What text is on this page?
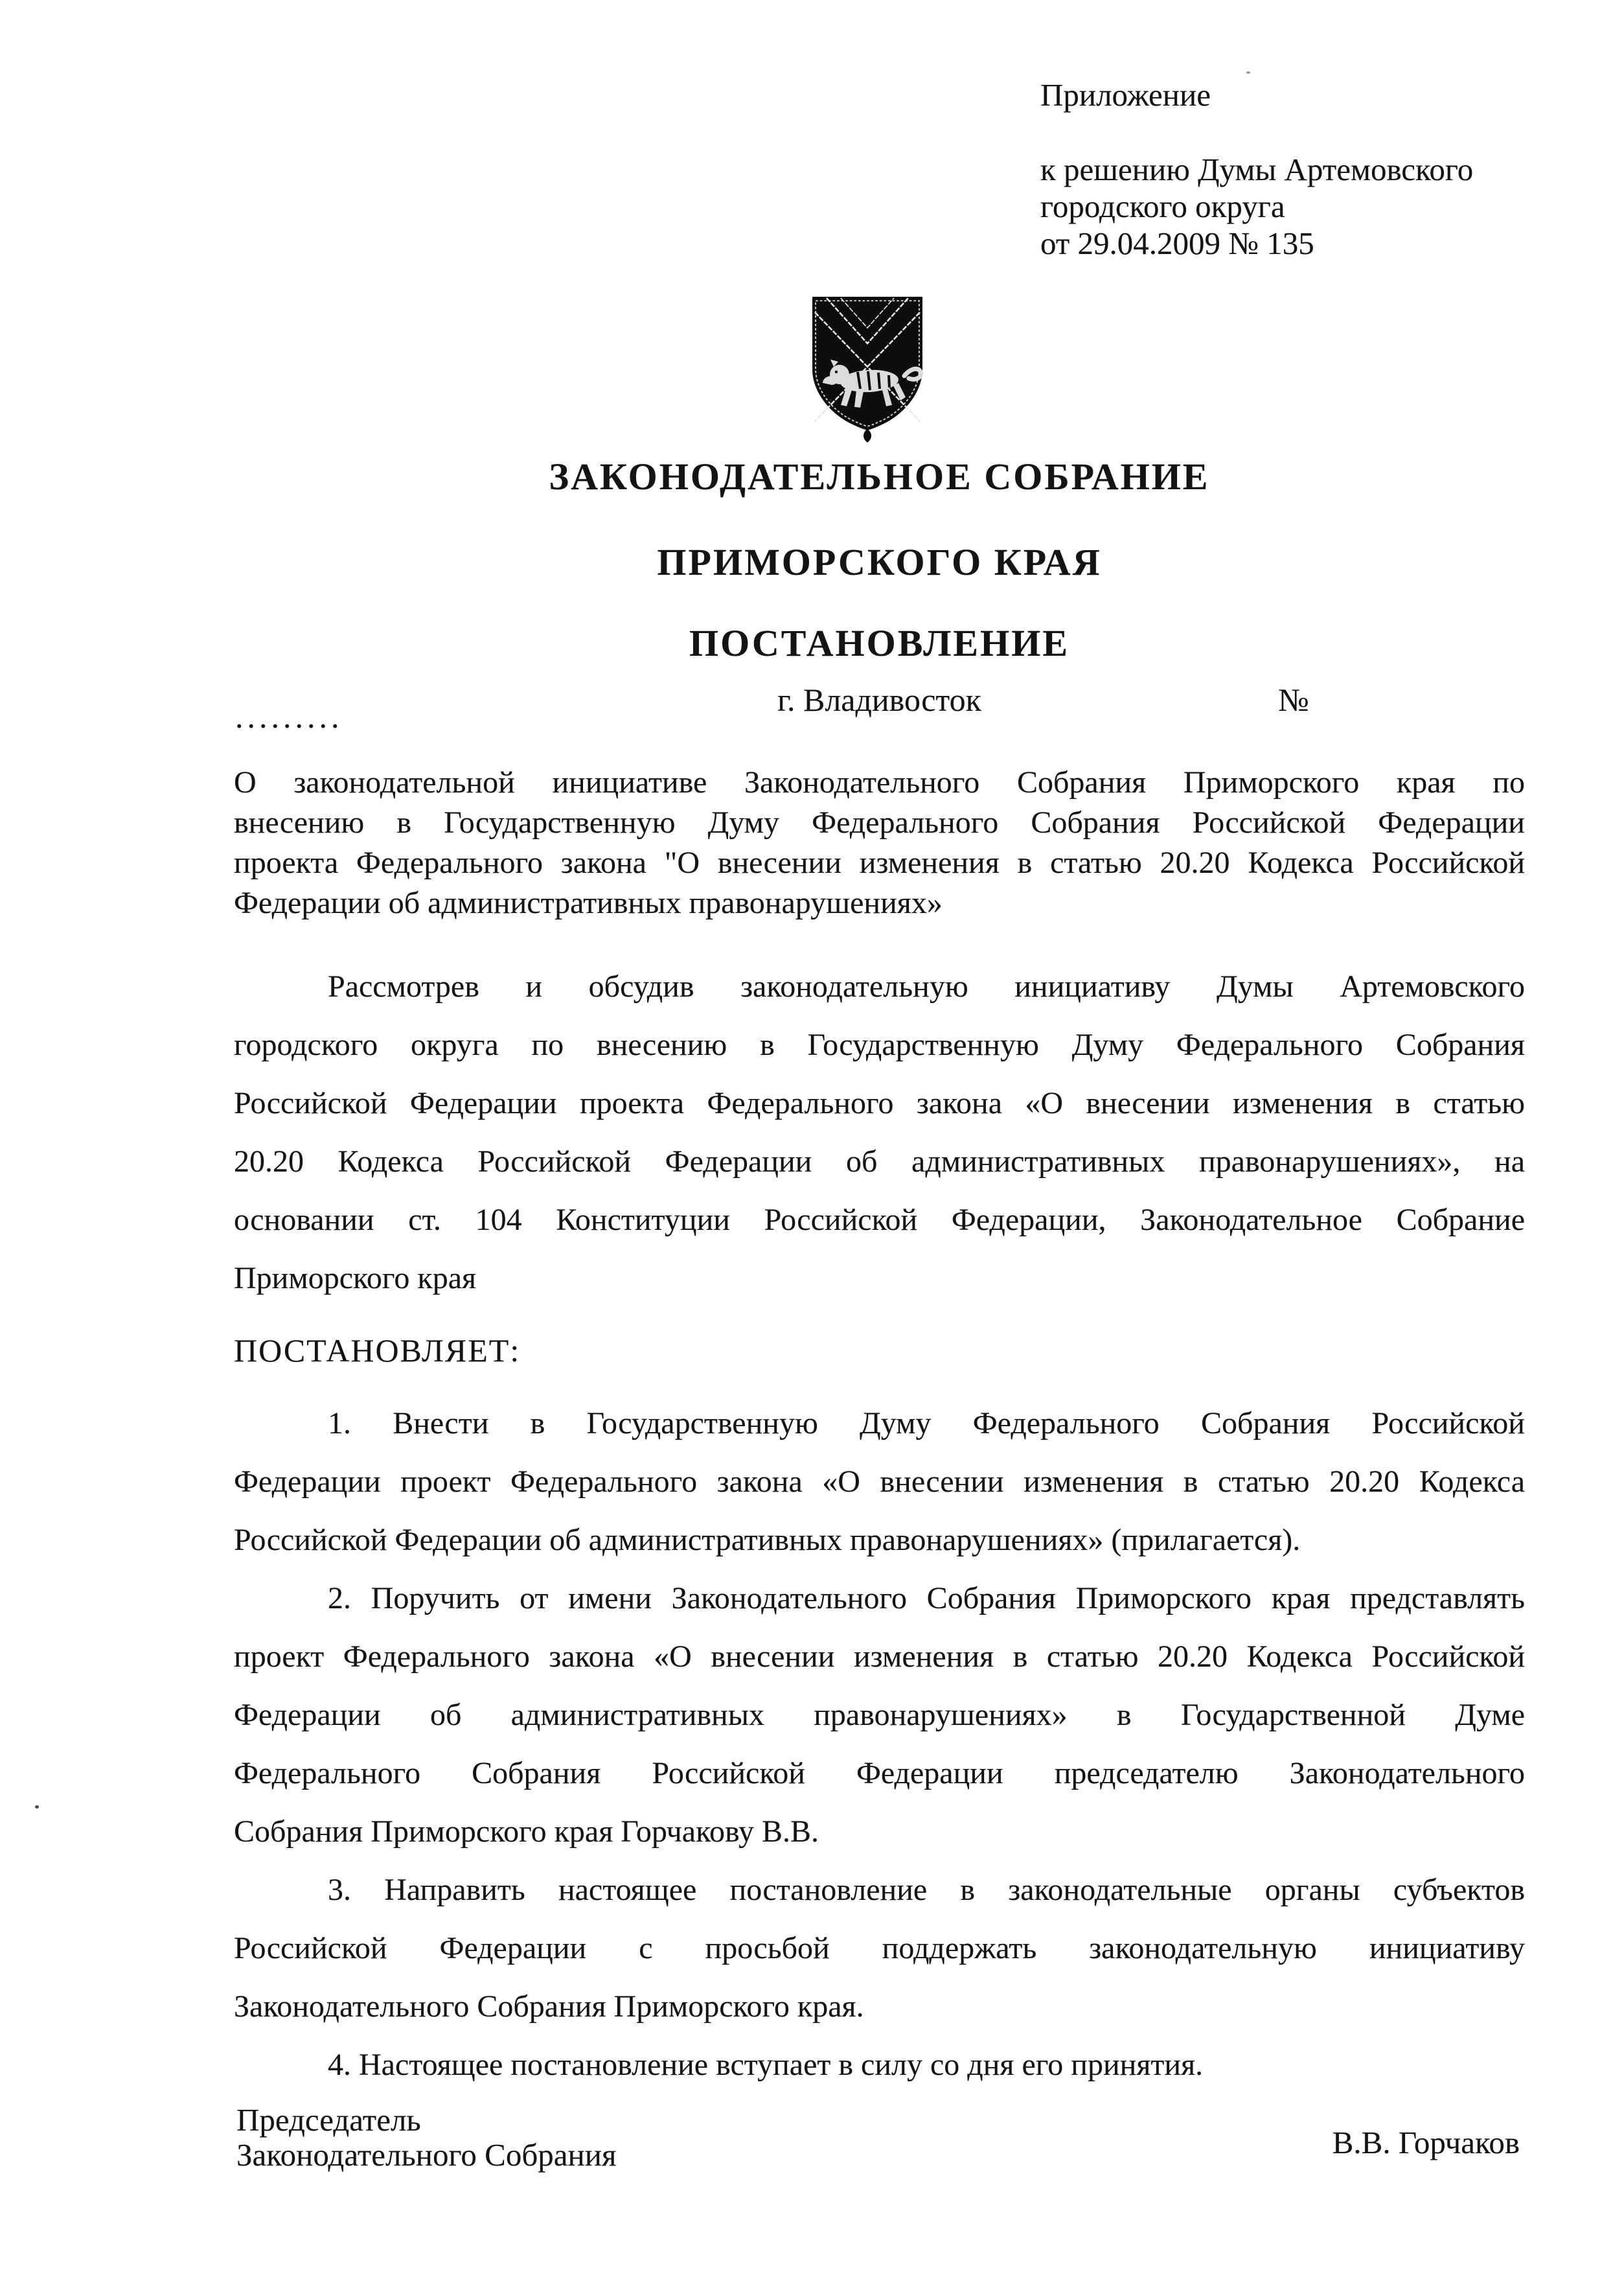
Приложение
к решению Думы Артемовского
городского округа
от 29.04.2009 № 135
ЗАКОНОДАТЕЛЬНОЕ СОБРАНИЕ
ПРИМОРСКОГО КРАЯ
ПОСТАНОВЛЕНИЕ
.........	г. Владивосток	№
О законодательной инициативе Законодательного Собрания Приморского края по
внесению в Государственную Думу Федерального Собрания Российской Федерации
проекта Федерального закона "О внесении изменения в статью 20.20 Кодекса Российской
Федерации об административных правонарушениях»
Рассмотрев и обсудив законодательную инициативу Думы Артемовского
городского округа по внесению в Государственную Думу Федерального Собрания
Российской Федерации проекта Федерального закона «О внесении изменения в статью
20.20 Кодекса Российской Федерации об административных правонарушениях», на
основании ст. 104 Конституции Российской Федерации, Законодательное Собрание
Приморского края
ПОСТАНОВЛЯЕТ:
1. Внести в Государственную Думу Федерального Собрания Российской
Федерации проект Федерального закона «О внесении изменения в статью 20.20 Кодекса
Российской Федерации об административных правонарушениях» (прилагается).
2. Поручить от имени Законодательного Собрания Приморского края представлять
проект Федерального закона «О внесении изменения в статью 20.20 Кодекса Российской
Федерации об административных правонарушениях» в Государственной Думе
Федерального Собрания Российской Федерации председателю Законодательного
Собрания Приморского края Горчакову В.В.
3. Направить настоящее постановление в законодательные органы субъектов
Российской Федерации с просьбой поддержать законодательную инициативу
Законодательного Собрания Приморского края.
4. Настоящее постановление вступает в силу со дня его принятия.
Председатель
Законодательного Собрания	В.В. Горчаков
